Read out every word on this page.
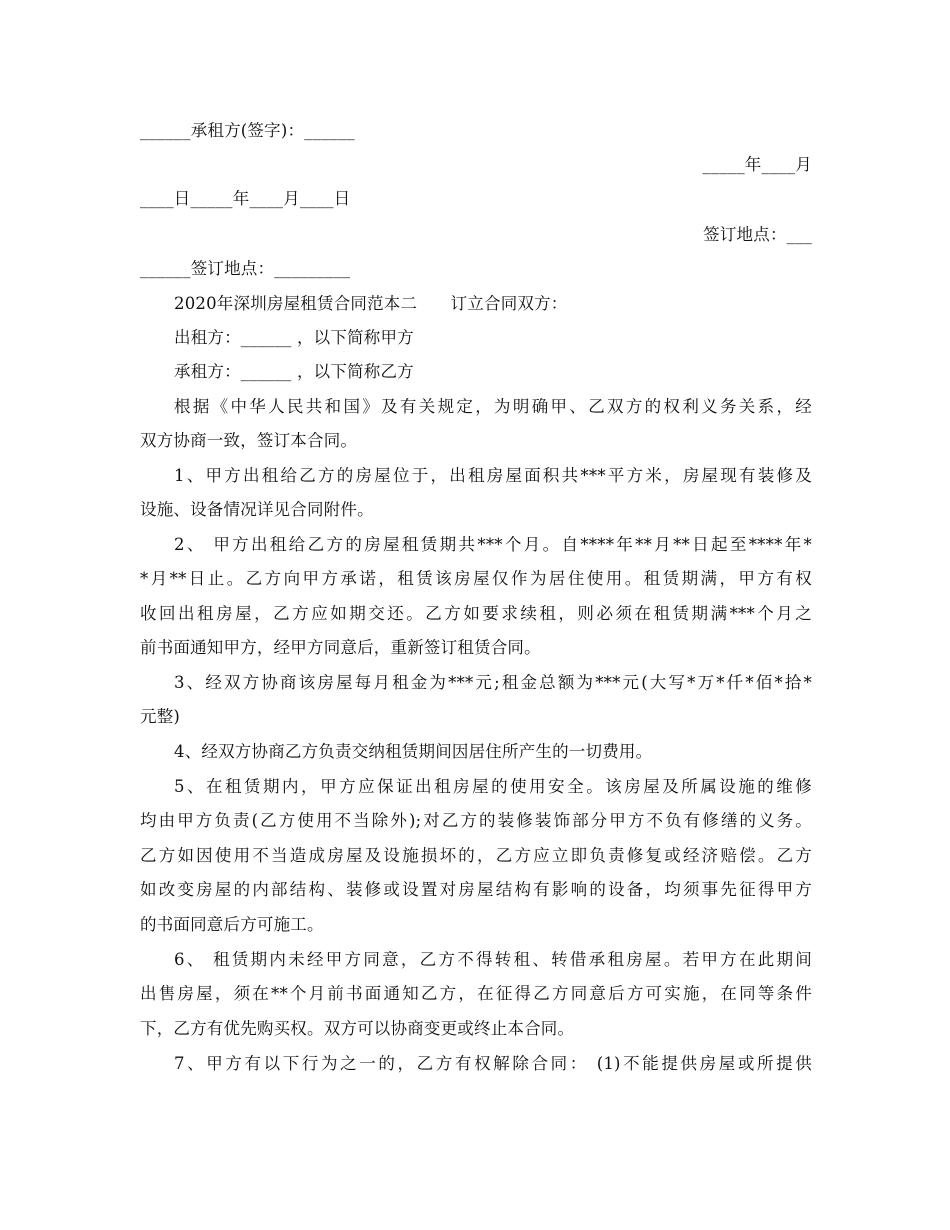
______承租方(签字)：______
_____年____月
____日_____年____月____日
签订地点：___
______签订地点：_________
2020年深圳房屋租赁合同范本二　　订立合同双方：
出租方：______ ，以下简称甲方
承租方：______ ，以下简称乙方
根据《中华人民共和国》及有关规定，为明确甲、乙双方的权利义务关系，经
双方协商一致，签订本合同。
1、甲方出租给乙方的房屋位于，出租房屋面积共***平方米，房屋现有装修及
设施、设备情况详见合同附件。
2、 甲方出租给乙方的房屋租赁期共***个月。自****年**月**日起至****年*
*月**日止。乙方向甲方承诺，租赁该房屋仅作为居住使用。租赁期满，甲方有权
收回出租房屋，乙方应如期交还。乙方如要求续租，则必须在租赁期满***个月之
前书面通知甲方，经甲方同意后，重新签订租赁合同。
3、经双方协商该房屋每月租金为***元;租金总额为***元(大写*万*仟*佰*拾*
元整)
4、经双方协商乙方负责交纳租赁期间因居住所产生的一切费用。
5、在租赁期内，甲方应保证出租房屋的使用安全。该房屋及所属设施的维修
均由甲方负责(乙方使用不当除外);对乙方的装修装饰部分甲方不负有修缮的义务。
乙方如因使用不当造成房屋及设施损坏的，乙方应立即负责修复或经济赔偿。乙方
如改变房屋的内部结构、装修或设置对房屋结构有影响的设备，均须事先征得甲方
的书面同意后方可施工。
6、 租赁期内未经甲方同意，乙方不得转租、转借承租房屋。若甲方在此期间
出售房屋，须在**个月前书面通知乙方，在征得乙方同意后方可实施，在同等条件
下，乙方有优先购买权。双方可以协商变更或终止本合同。
7、甲方有以下行为之一的，乙方有权解除合同： (1)不能提供房屋或所提供
